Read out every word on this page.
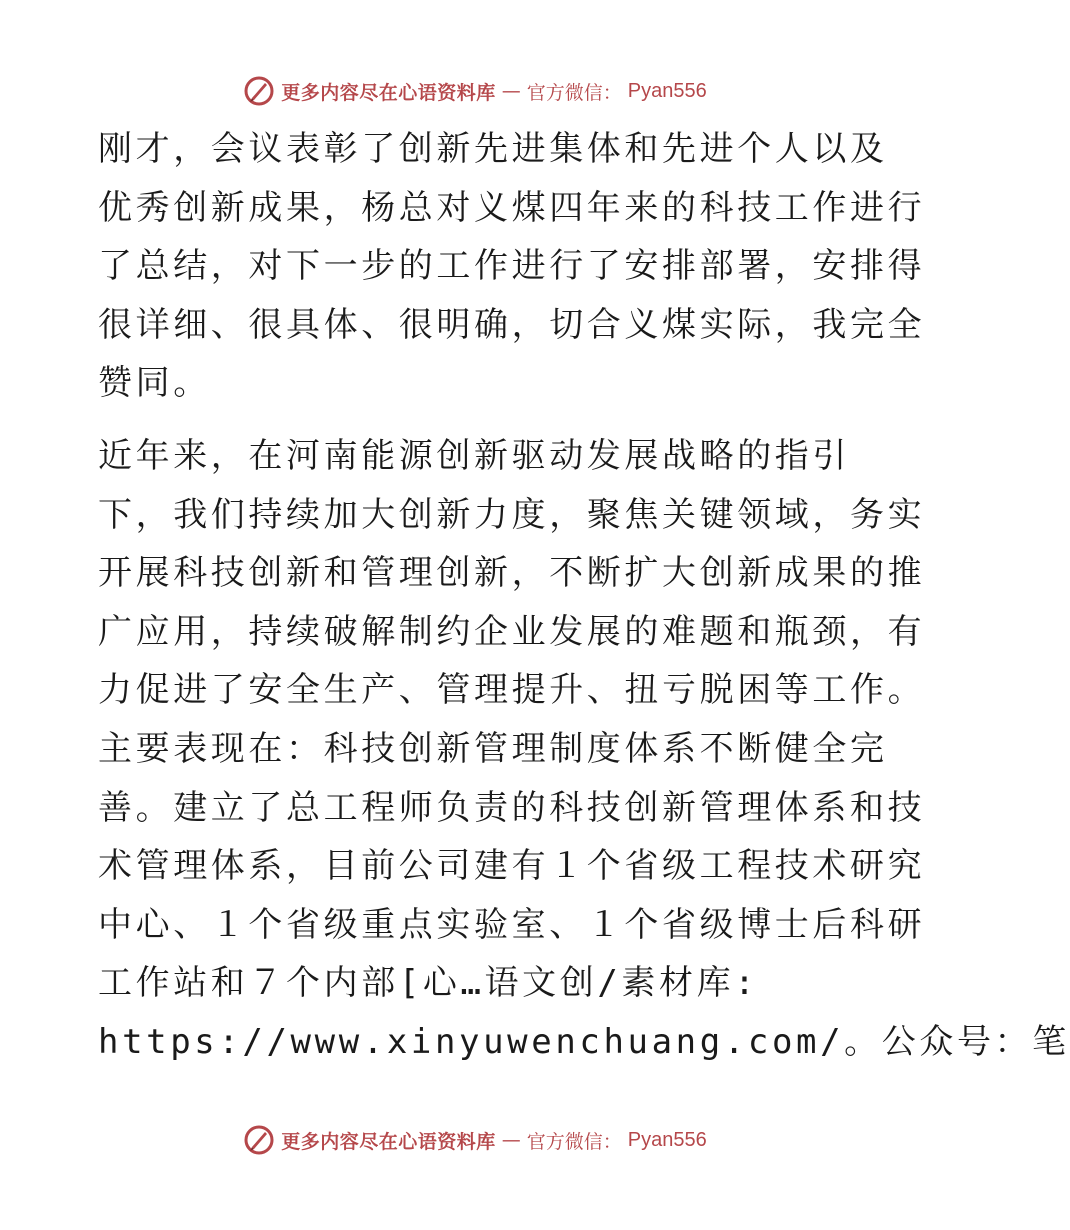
更多内容尽在心语资料库 — 官方微信： Pyan556
刚才，会议表彰了创新先进集体和先进个人以及
优秀创新成果，杨总对义煤四年来的科技工作进行
了总结，对下一步的工作进行了安排部署，安排得
很详细、很具体、很明确，切合义煤实际，我完全
赞同。
近年来，在河南能源创新驱动发展战略的指引
下，我们持续加大创新力度，聚焦关键领域，务实
开展科技创新和管理创新，不断扩大创新成果的推
广应用，持续破解制约企业发展的难题和瓶颈，有
力促进了安全生产、管理提升、扭亏脱困等工作。
主要表现在：科技创新管理制度体系不断健全完
善。建立了总工程师负责的科技创新管理体系和技
术管理体系，目前公司建有１个省级工程技术研究
中心、１个省级重点实验室、１个省级博士后科研
工作站和７个内部[心…语文创/素材库:
https://www.xinyuwenchuang.com/。公众号：笔
更多内容尽在心语资料库 — 官方微信： Pyan556
